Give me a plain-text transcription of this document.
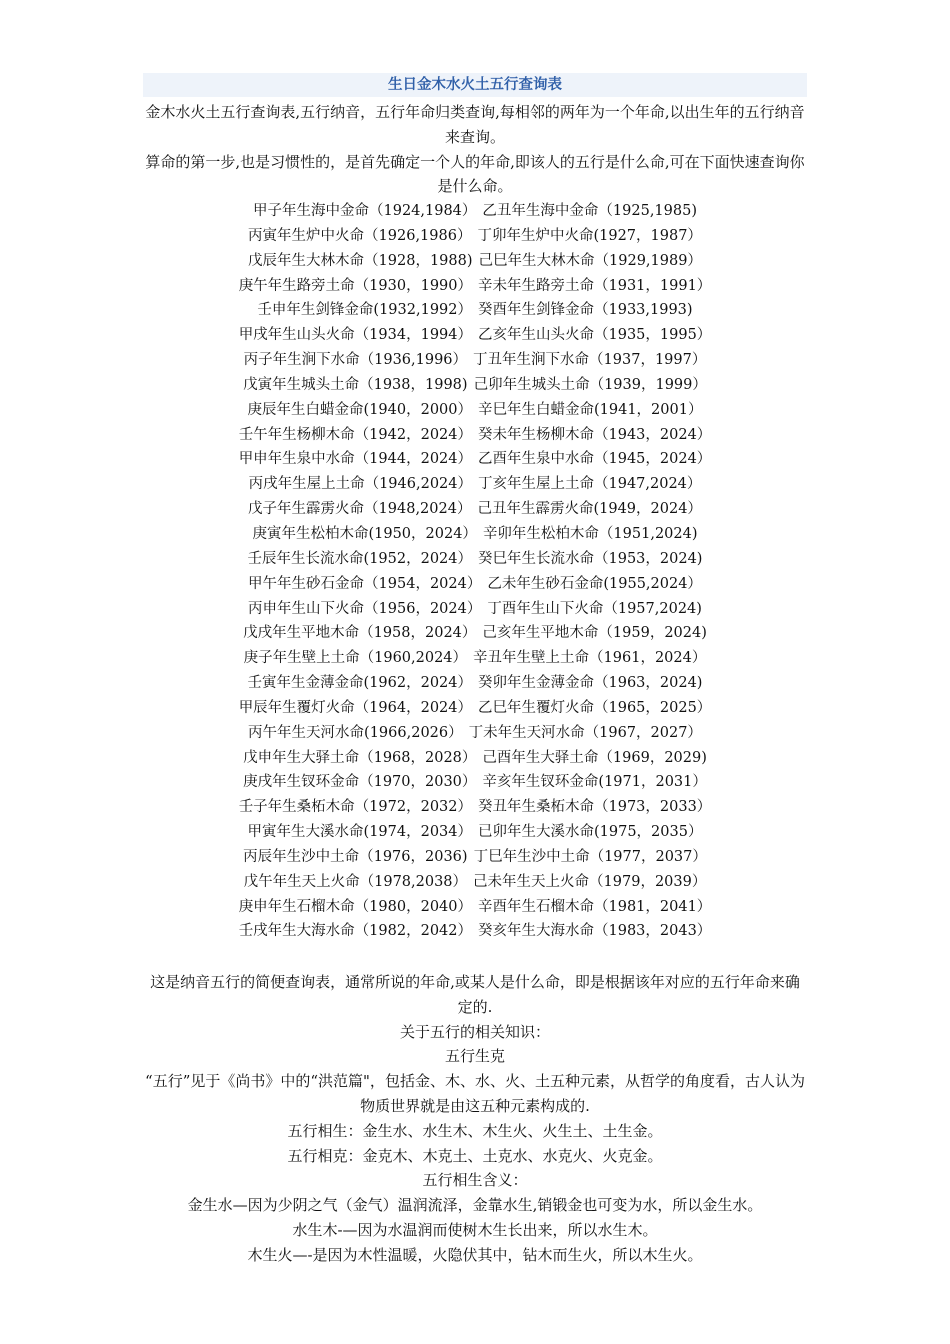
生日金木水火土五行查询表

金木水火土五行查询表,五行纳音，五行年命归类查询,每相邻的两年为一个年命,以出生年的五行纳音来查询。

算命的第一步,也是习惯性的，是首先确定一个人的年命,即该人的五行是什么命,可在下面快速查询你是什么命。

甲子年生海中金命（1924,1984） 乙丑年生海中金命（1925,1985)
丙寅年生炉中火命（1926,1986） 丁卯年生炉中火命(1927，1987）
戊辰年生大林木命（1928，1988) 己巳年生大林木命（1929,1989）
庚午年生路旁土命（1930，1990） 辛未年生路旁土命（1931，1991）
壬申年生剑锋金命(1932,1992） 癸酉年生剑锋金命（1933,1993)
甲戌年生山头火命（1934，1994） 乙亥年生山头火命（1935，1995）
丙子年生涧下水命（1936,1996） 丁丑年生涧下水命（1937，1997）
戊寅年生城头土命（1938，1998) 己卯年生城头土命（1939，1999）
庚辰年生白蜡金命(1940，2000） 辛巳年生白蜡金命(1941，2001）
壬午年生杨柳木命（1942，2024） 癸未年生杨柳木命（1943，2024）
甲申年生泉中水命（1944，2024） 乙酉年生泉中水命（1945，2024）
丙戌年生屋上土命（1946,2024） 丁亥年生屋上土命（1947,2024）
戊子年生霹雳火命（1948,2024） 己丑年生霹雳火命(1949，2024）
庚寅年生松柏木命(1950，2024） 辛卯年生松柏木命（1951,2024)
壬辰年生长流水命(1952，2024） 癸巳年生长流水命（1953，2024)
甲午年生砂石金命（1954，2024） 乙未年生砂石金命(1955,2024）
丙申年生山下火命（1956，2024） 丁酉年生山下火命（1957,2024)
戊戌年生平地木命（1958，2024） 己亥年生平地木命（1959，2024)
庚子年生壁上土命（1960,2024） 辛丑年生壁上土命（1961，2024）
壬寅年生金薄金命(1962，2024） 癸卯年生金薄金命（1963，2024)
甲辰年生覆灯火命（1964，2024） 乙巳年生覆灯火命（1965，2025）
丙午年生天河水命(1966,2026） 丁未年生天河水命（1967，2027）
戊申年生大驿土命（1968，2028） 己酉年生大驿土命（1969，2029)
庚戌年生钗环金命（1970，2030） 辛亥年生钗环金命(1971，2031）
壬子年生桑柘木命（1972，2032） 癸丑年生桑柘木命（1973，2033）
甲寅年生大溪水命(1974，2034） 已卯年生大溪水命(1975，2035）
丙辰年生沙中土命（1976，2036) 丁巳年生沙中土命（1977，2037）
戊午年生天上火命（1978,2038） 己未年生天上火命（1979，2039）
庚申年生石榴木命（1980，2040） 辛酉年生石榴木命（1981，2041）
壬戌年生大海水命（1982，2042） 癸亥年生大海水命（1983，2043）

这是纳音五行的简便查询表，通常所说的年命,或某人是什么命，即是根据该年对应的五行年命来确定的.

关于五行的相关知识：

五行生克

“五行”见于《尚书》中的“洪范篇"，包括金、木、水、火、土五种元素，从哲学的角度看，古人认为物质世界就是由这五种元素构成的.

五行相生：金生水、水生木、木生火、火生土、土生金。

五行相克：金克木、木克土、土克水、水克火、火克金。

五行相生含义：

金生水—因为少阴之气（金气）温润流泽，金靠水生,销锻金也可变为水，所以金生水。

水生木-—因为水温润而使树木生长出来，所以水生木。

木生火—-是因为木性温暖，火隐伏其中，钻木而生火，所以木生火。
